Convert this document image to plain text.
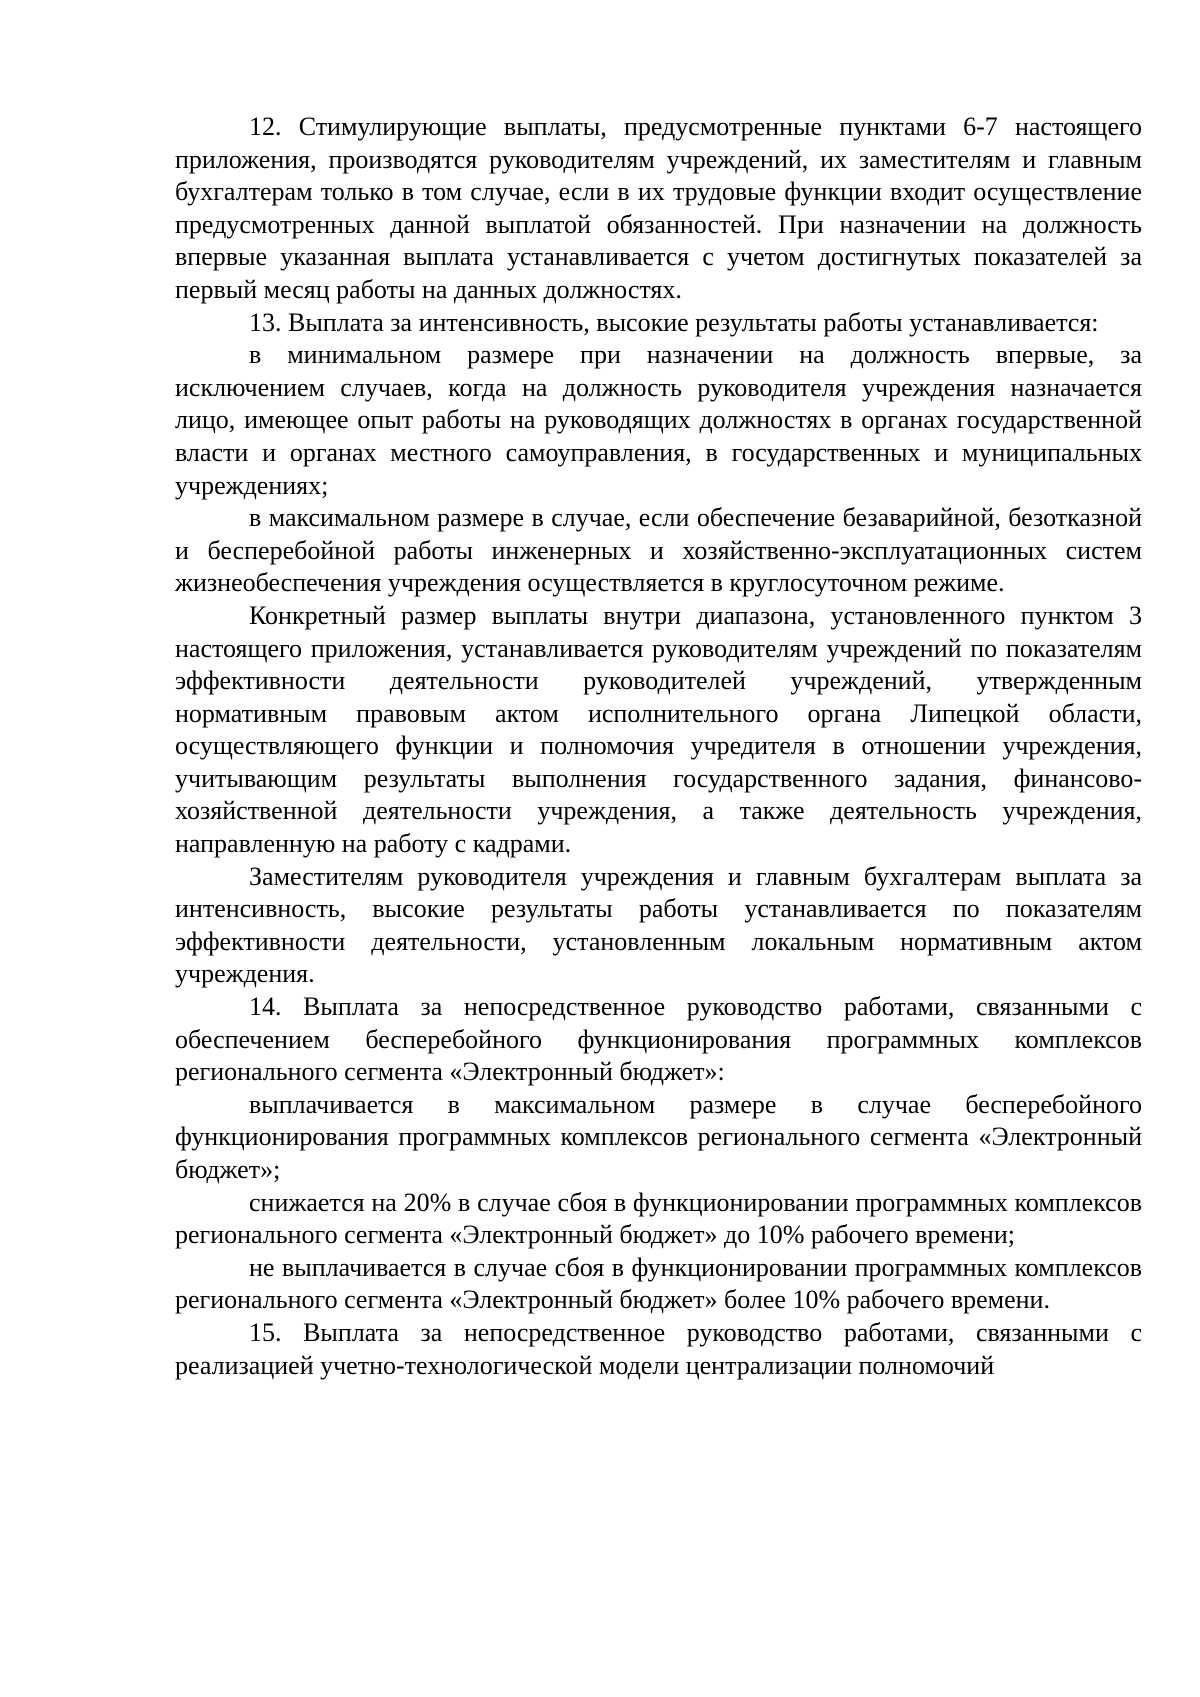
12. Стимулирующие выплаты, предусмотренные пунктами 6-7 настоящего приложения, производятся руководителям учреждений, их заместителям и главным бухгалтерам только в том случае, если в их трудовые функции входит осуществление предусмотренных данной выплатой обязанностей. При назначении на должность впервые указанная выплата устанавливается с учетом достигнутых показателей за первый месяц работы на данных должностях.

13. Выплата за интенсивность, высокие результаты работы устанавливается:

в минимальном размере при назначении на должность впервые, за исключением случаев, когда на должность руководителя учреждения назначается лицо, имеющее опыт работы на руководящих должностях в органах государственной власти и органах местного самоуправления, в государственных и муниципальных учреждениях;

в максимальном размере в случае, если обеспечение безаварийной, безотказной и бесперебойной работы инженерных и хозяйственно-эксплуатационных систем жизнеобеспечения учреждения осуществляется в круглосуточном режиме.

Конкретный размер выплаты внутри диапазона, установленного пунктом 3 настоящего приложения, устанавливается руководителям учреждений по показателям эффективности деятельности руководителей учреждений, утвержденным нормативным правовым актом исполнительного органа Липецкой области, осуществляющего функции и полномочия учредителя в отношении учреждения, учитывающим результаты выполнения государственного задания, финансово-хозяйственной деятельности учреждения, а также деятельность учреждения, направленную на работу с кадрами.

Заместителям руководителя учреждения и главным бухгалтерам выплата за интенсивность, высокие результаты работы устанавливается по показателям эффективности деятельности, установленным локальным нормативным актом учреждения.

14. Выплата за непосредственное руководство работами, связанными с обеспечением бесперебойного функционирования программных комплексов регионального сегмента «Электронный бюджет»:

выплачивается в максимальном размере в случае бесперебойного функционирования программных комплексов регионального сегмента «Электронный бюджет»;

снижается на 20% в случае сбоя в функционировании программных комплексов регионального сегмента «Электронный бюджет» до 10% рабочего времени;

не выплачивается в случае сбоя в функционировании программных комплексов регионального сегмента «Электронный бюджет» более 10% рабочего времени.

15. Выплата за непосредственное руководство работами, связанными с реализацией учетно-технологической модели централизации полномочий
